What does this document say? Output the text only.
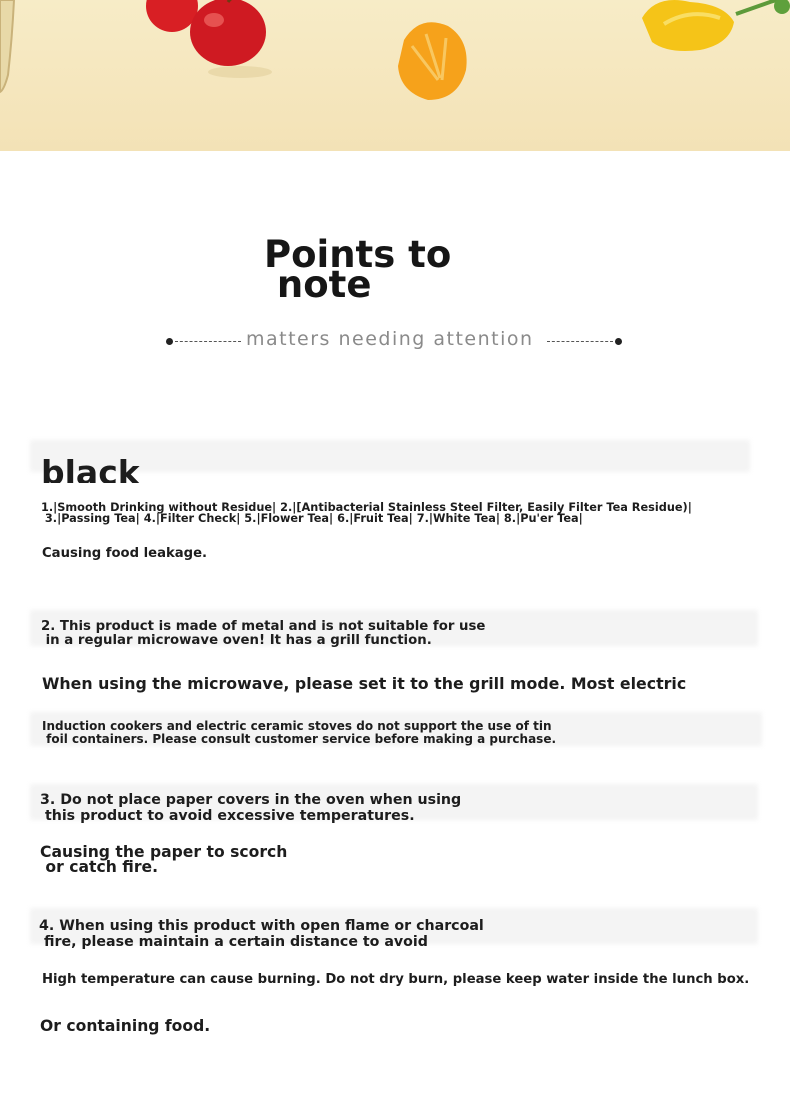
Points to
note
matters needing attention

black

1.|Smooth Drinking without Residue| 2.|[Antibacterial Stainless Steel Filter, Easily Filter Tea Residue)|
3.|Passing Tea| 4.|Filter Check| 5.|Flower Tea| 6.|Fruit Tea| 7.|White Tea| 8.|Pu'er Tea|

Causing food leakage.

2. This product is made of metal and is not suitable for use
in a regular microwave oven! It has a grill function.

When using the microwave, please set it to the grill mode. Most electric

Induction cookers and electric ceramic stoves do not support the use of tin
foil containers. Please consult customer service before making a purchase.

3. Do not place paper covers in the oven when using
this product to avoid excessive temperatures.

Causing the paper to scorch
or catch fire.

4. When using this product with open flame or charcoal
fire, please maintain a certain distance to avoid

High temperature can cause burning. Do not dry burn, please keep water inside the lunch box.

Or containing food.
